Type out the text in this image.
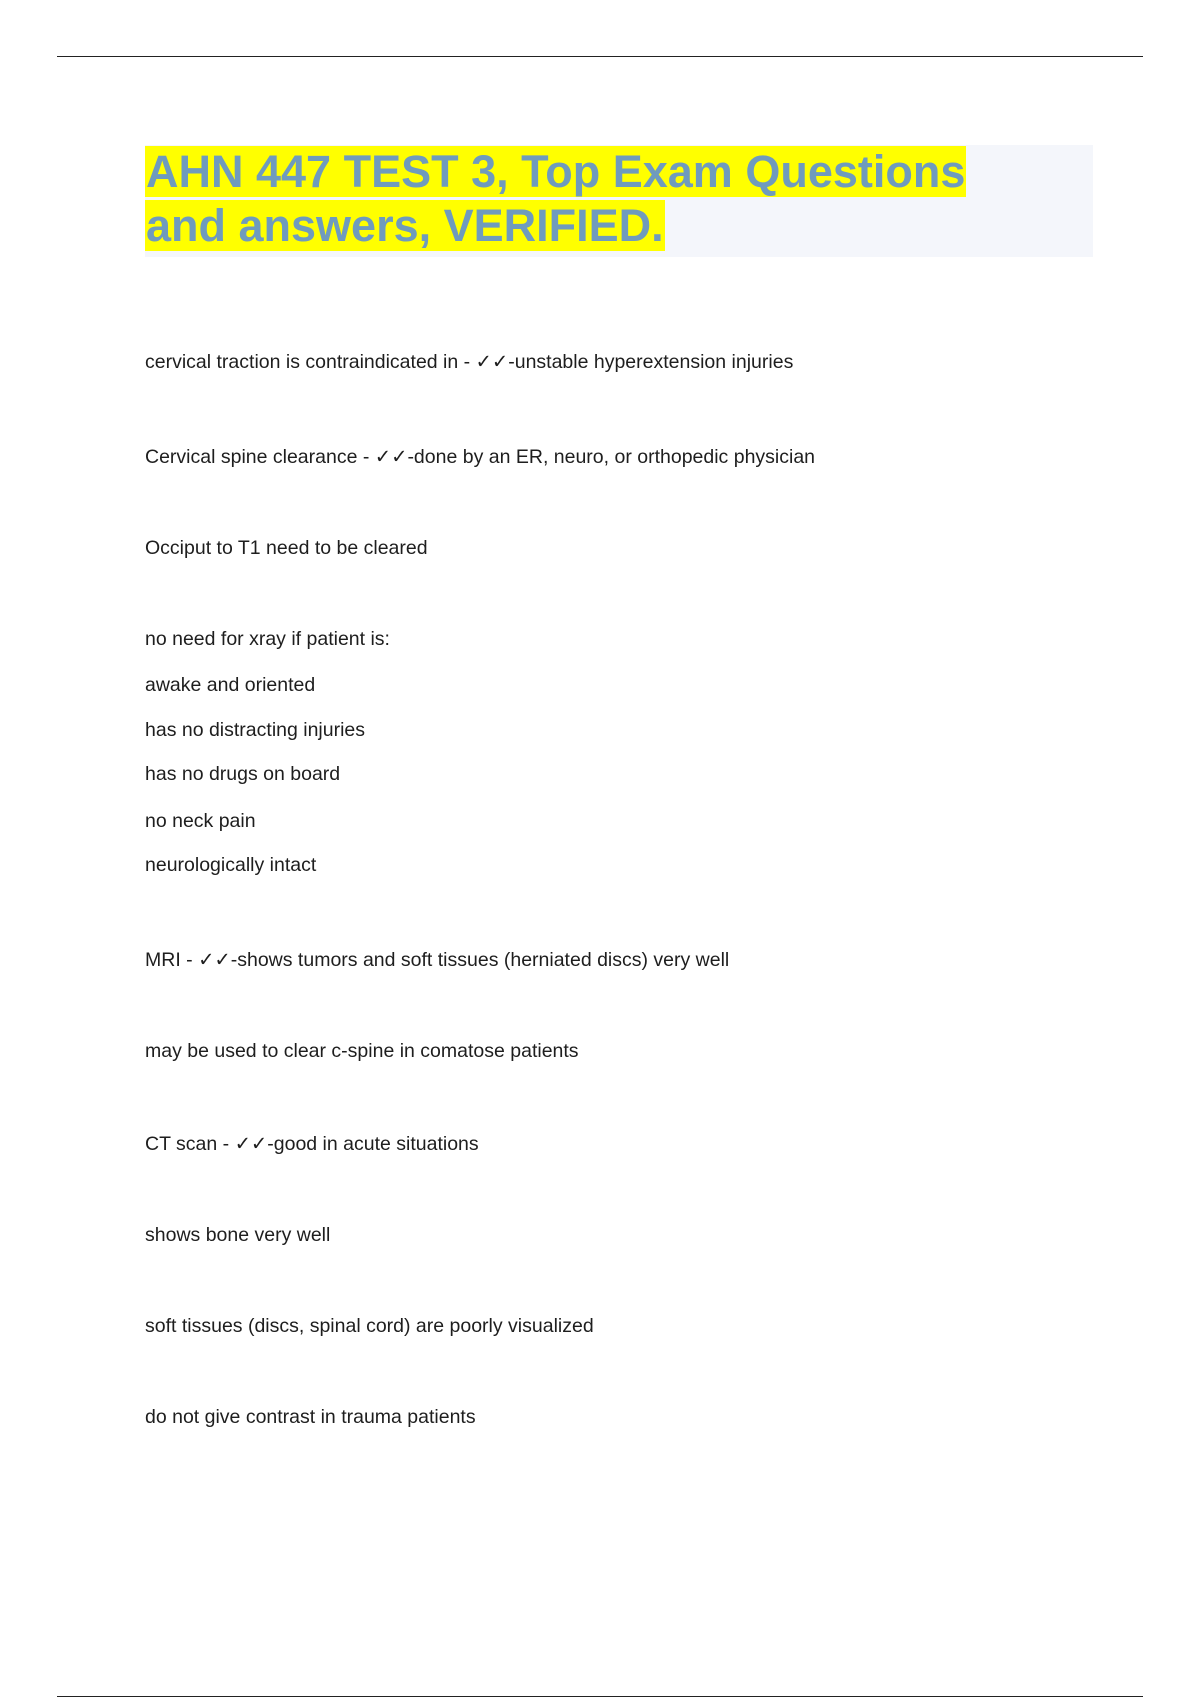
AHN 447 TEST 3, Top Exam Questions and answers, VERIFIED.

cervical traction is contraindicated in - ✓✓-unstable hyperextension injuries

Cervical spine clearance - ✓✓-done by an ER, neuro, or orthopedic physician

Occiput to T1 need to be cleared

no need for xray if patient is:

awake and oriented

has no distracting injuries

has no drugs on board

no neck pain

neurologically intact

MRI - ✓✓-shows tumors and soft tissues (herniated discs) very well

may be used to clear c-spine in comatose patients

CT scan - ✓✓-good in acute situations

shows bone very well

soft tissues (discs, spinal cord) are poorly visualized

do not give contrast in trauma patients
